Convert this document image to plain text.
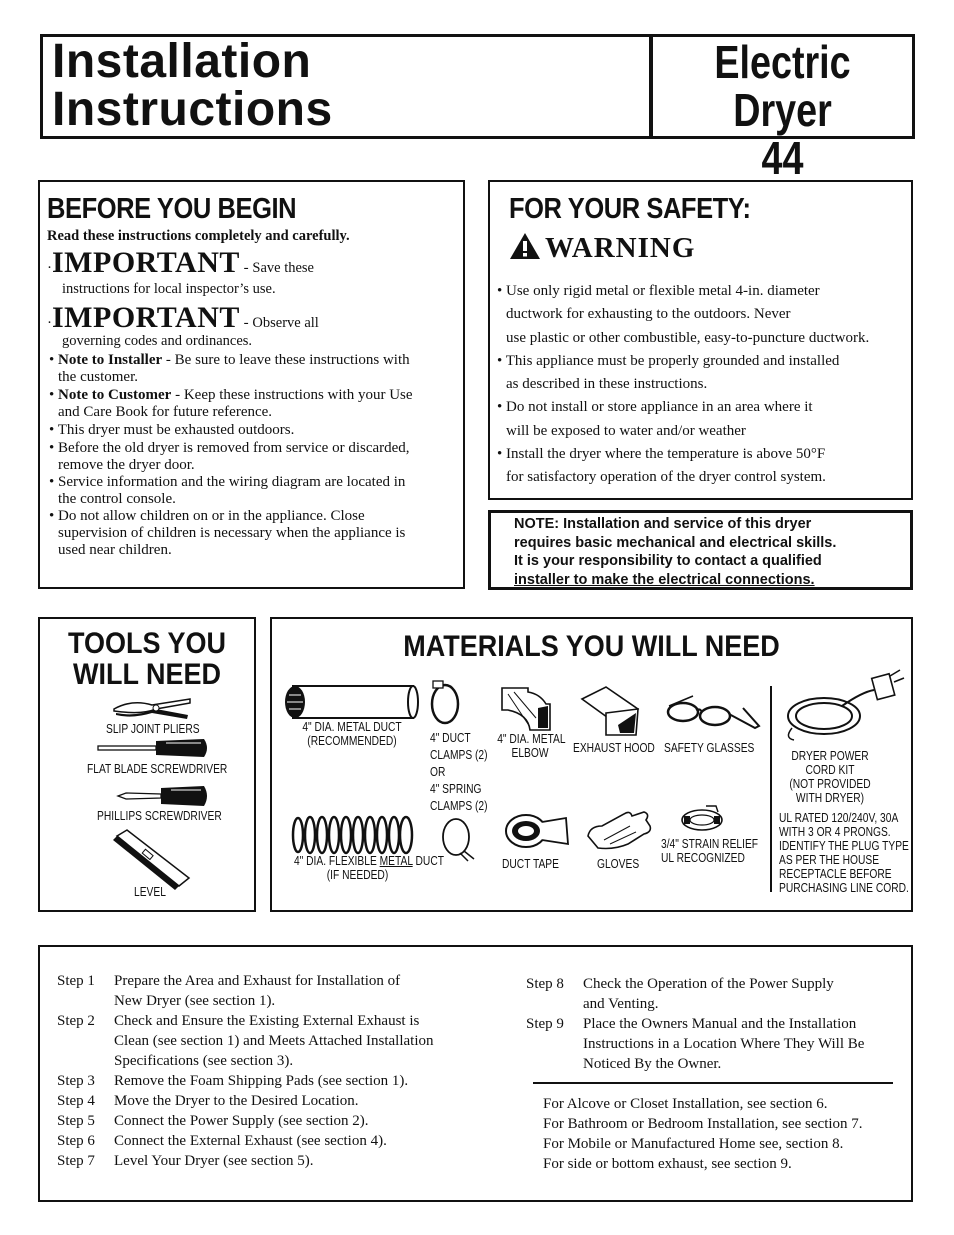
Installation
Instructions
Electric Dryer
44
BEFORE YOU BEGIN
Read these instructions completely and carefully.
·IMPORTANT - Save these
instructions for local inspector’s use.
·IMPORTANT - Observe all
governing codes and ordinances.
• Note to Installer - Be sure to leave these instructions with
the customer.
• Note to Customer - Keep these instructions with your Use
and Care Book for future reference.
• This dryer must be exhausted outdoors.
• Before the old dryer is removed from service or discarded,
remove the dryer door.
• Service information and the wiring diagram are located in
the control console.
• Do not allow children on or in the appliance. Close
supervision of children is necessary when the appliance is
used near children.
FOR YOUR SAFETY:
WARNING
• Use only rigid metal or flexible metal 4-in. diameter
ductwork for exhausting to the outdoors. Never
use plastic or other combustible, easy-to-puncture ductwork.
• This appliance must be properly grounded and installed
as described in these instructions.
• Do not install or store appliance in an area where it
will be exposed to water and/or weather
• Install the dryer where the temperature is above 50°F
for satisfactory operation of the dryer control system.
NOTE: Installation and service of this dryer
requires basic mechanical and electrical skills.
It is your responsibility to contact a qualified
installer to make the electrical connections.
TOOLS YOU
WILL NEED
SLIP JOINT PLIERS
FLAT BLADE SCREWDRIVER
PHILLIPS SCREWDRIVER
LEVEL
MATERIALS YOU WILL NEED
4" DIA. METAL DUCT
(RECOMMENDED)	4" DUCT
CLAMPS (2)
OR
4" SPRING
CLAMPS (2)
4" DIA. METAL
ELBOW	EXHAUST HOOD SAFETY GLASSES
DRYER POWER
CORD KIT
(NOT PROVIDED
WITH DRYER)
UL RATED 120/240V, 30A
WITH 3 OR 4 PRONGS.
IDENTIFY THE PLUG TYPE
AS PER THE HOUSE
RECEPTACLE BEFORE
PURCHASING LINE CORD.
4" DIA. FLEXIBLE METAL DUCT
(IF NEEDED)
DUCT TAPE	GLOVES
3/4" STRAIN RELIEF
UL RECOGNIZED
Step 1 Prepare the Area and Exhaust for Installation of
New Dryer (see section 1).
Step 2 Check and Ensure the Existing External Exhaust is
Clean (see section 1) and Meets Attached Installation
Specifications (see section 3).
Step 3 Remove the Foam Shipping Pads (see section 1).
Step 4 Move the Dryer to the Desired Location.
Step 5 Connect the Power Supply (see section 2).
Step 6 Connect the External Exhaust (see section 4).
Step 7 Level Your Dryer (see section 5).
Step 8 Check the Operation of the Power Supply
and Venting.
Step 9 Place the Owners Manual and the Installation
Instructions in a Location Where They Will Be
Noticed By the Owner.
For Alcove or Closet Installation, see section 6.
For Bathroom or Bedroom Installation, see section 7.
For Mobile or Manufactured Home see, section 8.
For side or bottom exhaust, see section 9.
